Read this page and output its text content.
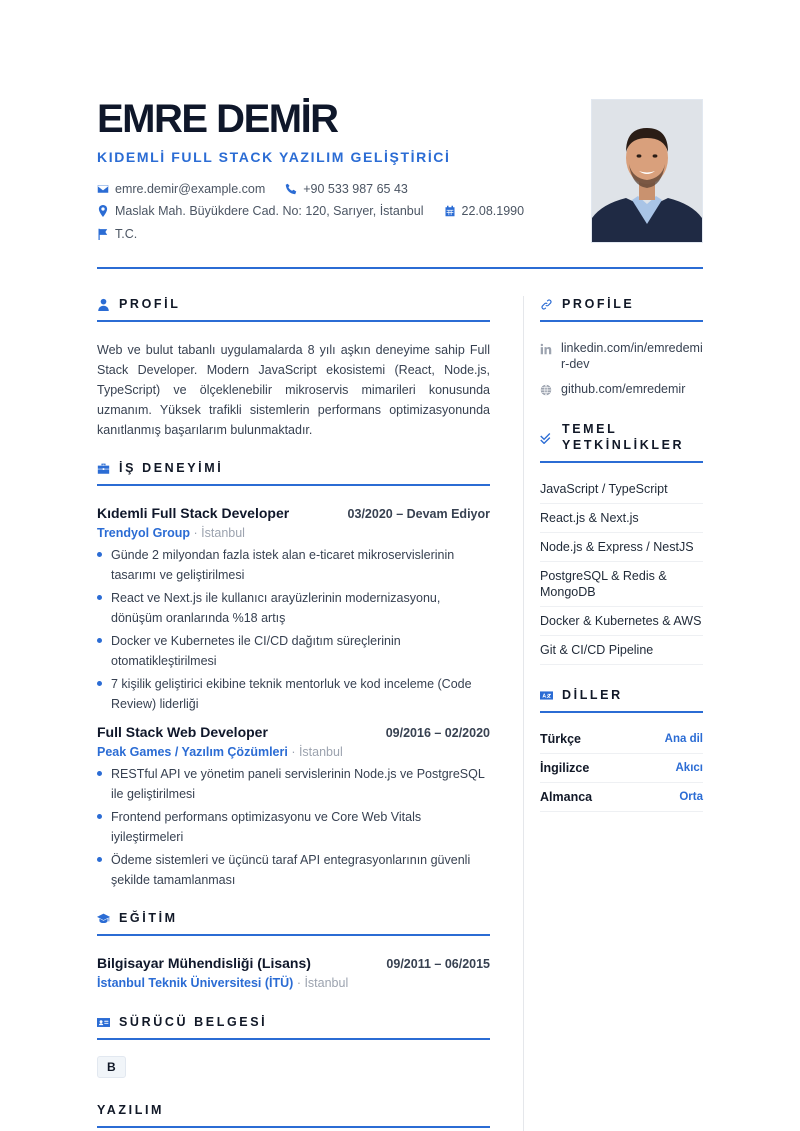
EMRE DEMİR
KIDEMLİ FULL STACK YAZILIM GELİŞTİRİCİ
emre.demir@example.com	+90 533 987 65 43
Maslak Mah. Büyükdere Cad. No: 120, Sarıyer, İstanbul	22.08.1990
T.C.
PROFİL

Web ve bulut tabanlı uygulamalarda 8 yılı aşkın deneyime sahip Full Stack Developer. Modern JavaScript ekosistemi (React, Node.js, TypeScript) ve ölçeklenebilir mikroservis mimarileri konusunda uzmanım. Yüksek trafikli sistemlerin performans optimizasyonunda kanıtlanmış başarılarım bulunmaktadır.

İŞ DENEYİMİ
Kıdemli Full Stack Developer	03/2020 – Devam Ediyor
Trendyol Group · İstanbul
Günde 2 milyondan fazla istek alan e-ticaret mikroservislerinin tasarımı ve geliştirilmesi
React ve Next.js ile kullanıcı arayüzlerinin modernizasyonu, dönüşüm oranlarında %18 artış
Docker ve Kubernetes ile CI/CD dağıtım süreçlerinin otomatikleştirilmesi
7 kişilik geliştirici ekibine teknik mentorluk ve kod inceleme (Code Review) liderliği
Full Stack Web Developer	09/2016 – 02/2020
Peak Games / Yazılım Çözümleri · İstanbul
RESTful API ve yönetim paneli servislerinin Node.js ve PostgreSQL ile geliştirilmesi
Frontend performans optimizasyonu ve Core Web Vitals iyileştirmeleri
Ödeme sistemleri ve üçüncü taraf API entegrasyonlarının güvenli şekilde tamamlanması
EĞİTİM
Bilgisayar Mühendisliği (Lisans)	09/2011 – 06/2015
İstanbul Teknik Üniversitesi (İTÜ) · İstanbul
SÜRÜCÜ BELGESİ
B
YAZILIM
PROFİLE
linkedin.com/in/emredemir-dev
github.com/emredemir
TEMEL YETKİNLİKLER
JavaScript / TypeScript
React.js & Next.js
Node.js & Express / NestJS
PostgreSQL & Redis & MongoDB
Docker & Kubernetes & AWS
Git & CI/CD Pipeline
DİLLER
Türkçe	Ana dil
İngilizce	Akıcı
Almanca	Orta
